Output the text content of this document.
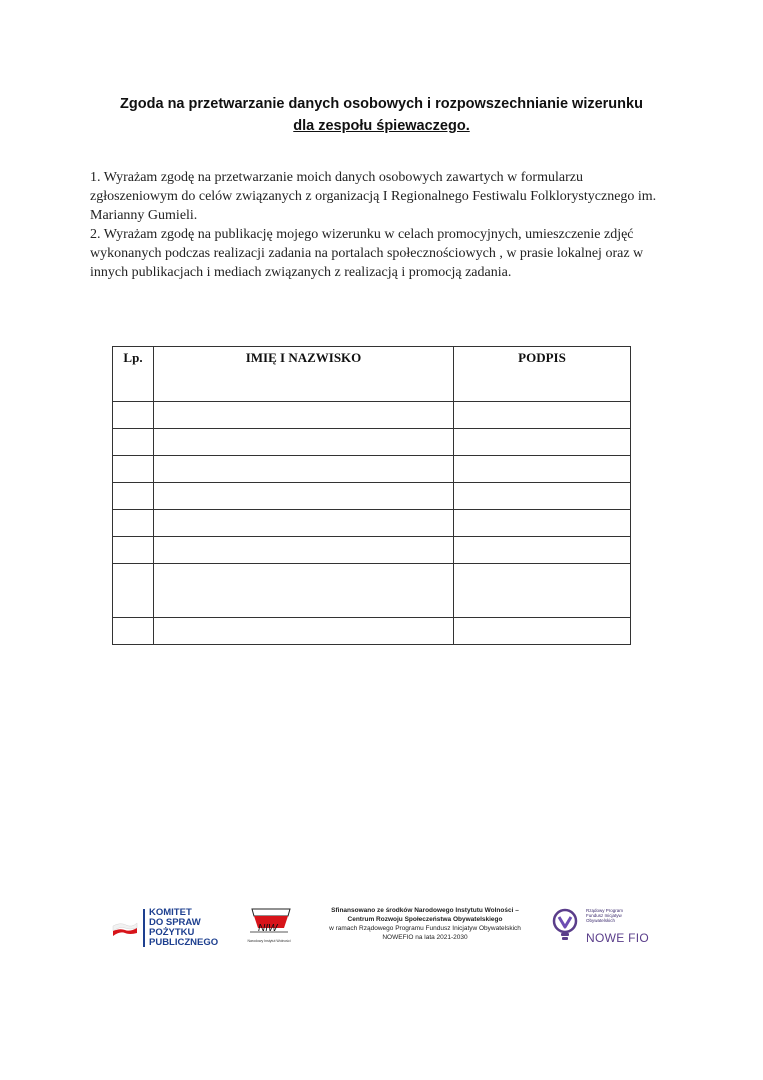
Zgoda na przetwarzanie danych osobowych i rozpowszechnianie wizerunku
dla zespołu śpiewaczego.

1. Wyrażam zgodę na przetwarzanie moich danych osobowych zawartych w formularzu zgłoszeniowym do celów związanych z organizacją I Regionalnego Festiwalu Folklorystycznego im. Marianny Gumieli.

2. Wyrażam zgodę na publikację mojego wizerunku w celach promocyjnych, umieszczenie zdjęć wykonanych podczas realizacji zadania na portalach społecznościowych , w prasie lokalnej oraz w innych publikacjach i mediach związanych z realizacją i promocją zadania.

Lp.	IMIĘ I NAZWISKO	PODPIS

KOMITET
DO SPRAW
POŻYTKU
PUBLICZNEGO
NIW
Narodowy Instytut Wolności
Sfinansowano ze środków Narodowego Instytutu Wolności –
Centrum Rozwoju Społeczeństwa Obywatelskiego
w ramach Rządowego Programu Fundusz Inicjatyw Obywatelskich
NOWEFIO na lata 2021-2030
Rządowy Program
Fundusz Inicjatyw
Obywatelskich
NOWE FIO
